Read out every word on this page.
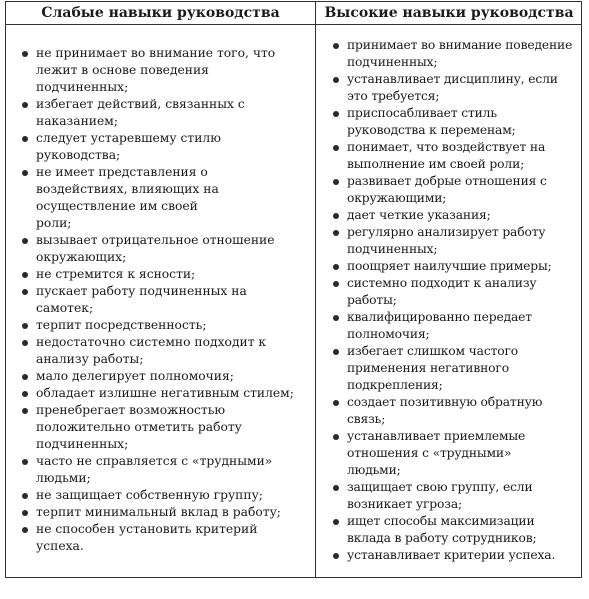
Слабые навыки руководства	Высокие навыки руководства
не принимает во внимание того, что
лежит в основе поведения
подчиненных;
избегает действий, связанных с
наказанием;
следует устаревшему стилю
руководства;
не имеет представления о
воздействиях, влияющих на
осуществление им своей
роли;
вызывает отрицательное отношение
окружающих;
не стремится к ясности;
пускает работу подчиненных на
самотек;
терпит посредственность;
недостаточно системно подходит к
анализу работы;
мало делегирует полномочия;
обладает излишне негативным стилем;
пренебрегает возможностью
положительно отметить работу
подчиненных;
часто не справляется с «трудными»
людьми;
не защищает собственную группу;
терпит минимальный вклад в работу;
не способен установить критерий
успеха.
принимает во внимание поведение
подчиненных;
устанавливает дисциплину, если
это требуется;
приспосабливает стиль
руководства к переменам;
понимает, что воздействует на
выполнение им своей роли;
развивает добрые отношения с
окружающими;
дает четкие указания;
регулярно анализирует работу
подчиненных;
поощряет наилучшие примеры;
системно подходит к анализу
работы;
квалифицированно передает
полномочия;
избегает слишком частого
применения негативного
подкрепления;
создает позитивную обратную
связь;
устанавливает приемлемые
отношения с «трудными»
людьми;
защищает свою группу, если
возникает угроза;
ищет способы максимизации
вклада в работу сотрудников;
устанавливает критерии успеха.
